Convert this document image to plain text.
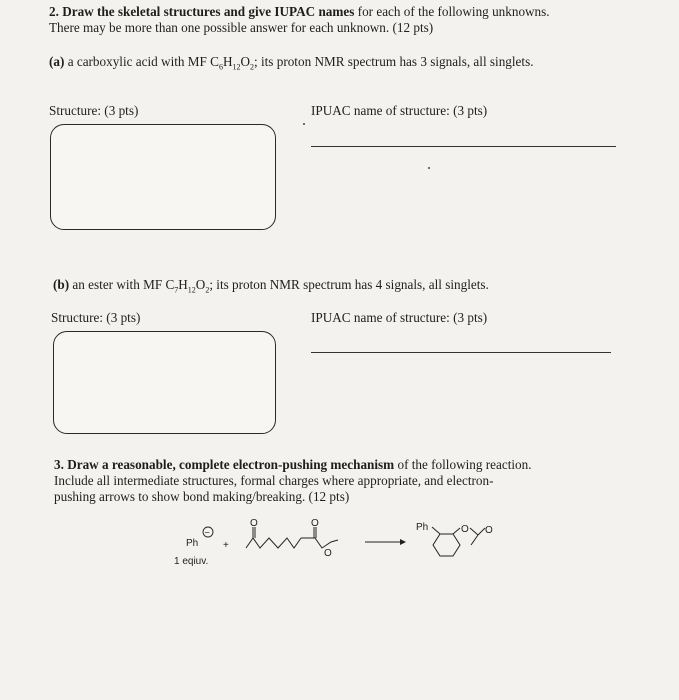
2. Draw the skeletal structures and give IUPAC names for each of the following unknowns.
There may be more than one possible answer for each unknown. (12 pts)
(a) a carboxylic acid with MF $C_6H_{12}O_2$; its proton NMR spectrum has 3 signals, all singlets.
Structure: (3 pts)	IPUAC name of structure: (3 pts)
(b) an ester with MF $C_7H_{12}O_2$; its proton NMR spectrum has 4 signals, all singlets.
Structure: (3 pts)	IPUAC name of structure: (3 pts)
3. Draw a reasonable, complete electron-pushing mechanism of the following reaction.
Include all intermediate structures, formal charges where appropriate, and electron-
pushing arrows to show bond making/breaking. (12 pts)
Ph
−
+
1 eqiuv.
O	O
O
Ph	O O
